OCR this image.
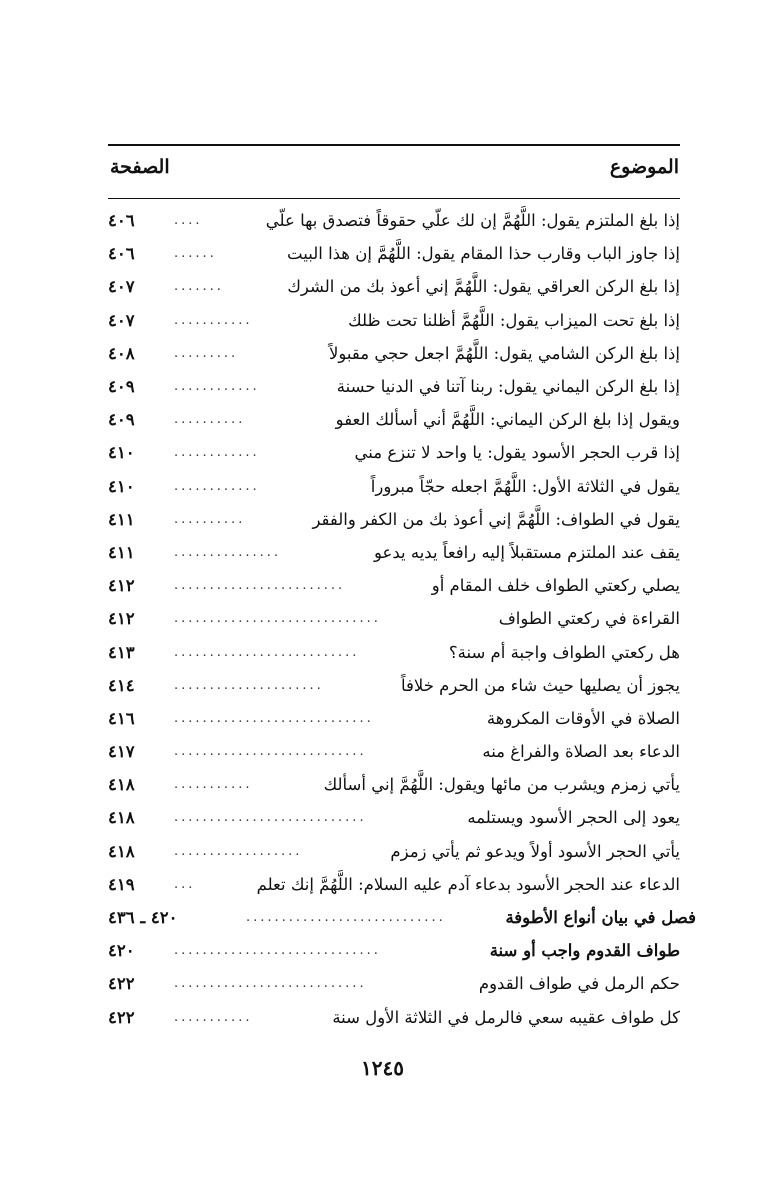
الموضوع
الصفحة
إذا بلغ الملتزم يقول: اللَّهُمَّ إن لك علّي حقوقاً فتصدق بها علّي
....
٤٠٦
إذا جاوز الباب وقارب حذا المقام يقول: اللَّهُمَّ إن هذا البيت
......
٤٠٦
إذا بلغ الركن العراقي يقول: اللَّهُمَّ إني أعوذ بك من الشرك
.......
٤٠٧
إذا بلغ تحت الميزاب يقول: اللَّهُمَّ أظلنا تحت ظلك
...........
٤٠٧
إذا بلغ الركن الشامي يقول: اللَّهُمَّ اجعل حجي مقبولاً
.........
٤٠٨
إذا بلغ الركن اليماني يقول: ربنا آتنا في الدنيا حسنة
............
٤٠٩
ويقول إذا بلغ الركن اليماني: اللَّهُمَّ أني أسألك العفو
..........
٤٠٩
إذا قرب الحجر الأسود يقول: يا واحد لا تنزع مني
............
٤١٠
يقول في الثلاثة الأول: اللَّهُمَّ اجعله حجّاً مبروراً
............
٤١٠
يقول في الطواف: اللَّهُمَّ إني أعوذ بك من الكفر والفقر
..........
٤١١
يقف عند الملتزم مستقبلاً إليه رافعاً يديه يدعو
...............
٤١١
يصلي ركعتي الطواف خلف المقام أو
........................
٤١٢
القراءة في ركعتي الطواف
.............................
٤١٢
هل ركعتي الطواف واجبة أم سنة؟
..........................
٤١٣
يجوز أن يصليها حيث شاء من الحرم خلافاً
.....................
٤١٤
الصلاة في الأوقات المكروهة
............................
٤١٦
الدعاء بعد الصلاة والفراغ منه
...........................
٤١٧
يأتي زمزم ويشرب من مائها ويقول: اللَّهُمَّ إني أسألك
...........
٤١٨
يعود إلى الحجر الأسود ويستلمه
...........................
٤١٨
يأتي الحجر الأسود أولاً ويدعو ثم يأتي زمزم
..................
٤١٨
الدعاء عند الحجر الأسود بدعاء آدم عليه السلام: اللَّهُمَّ إنك تعلم
...
٤١٩
فصل في بيان أنواع الأطوفة
............................
٤٢٠ ـ ٤٣٦
طواف القدوم واجب أو سنة
.............................
٤٢٠
حكم الرمل في طواف القدوم
...........................
٤٢٢
كل طواف عقيبه سعي فالرمل في الثلاثة الأول سنة
...........
٤٢٢
١٢٤٥
